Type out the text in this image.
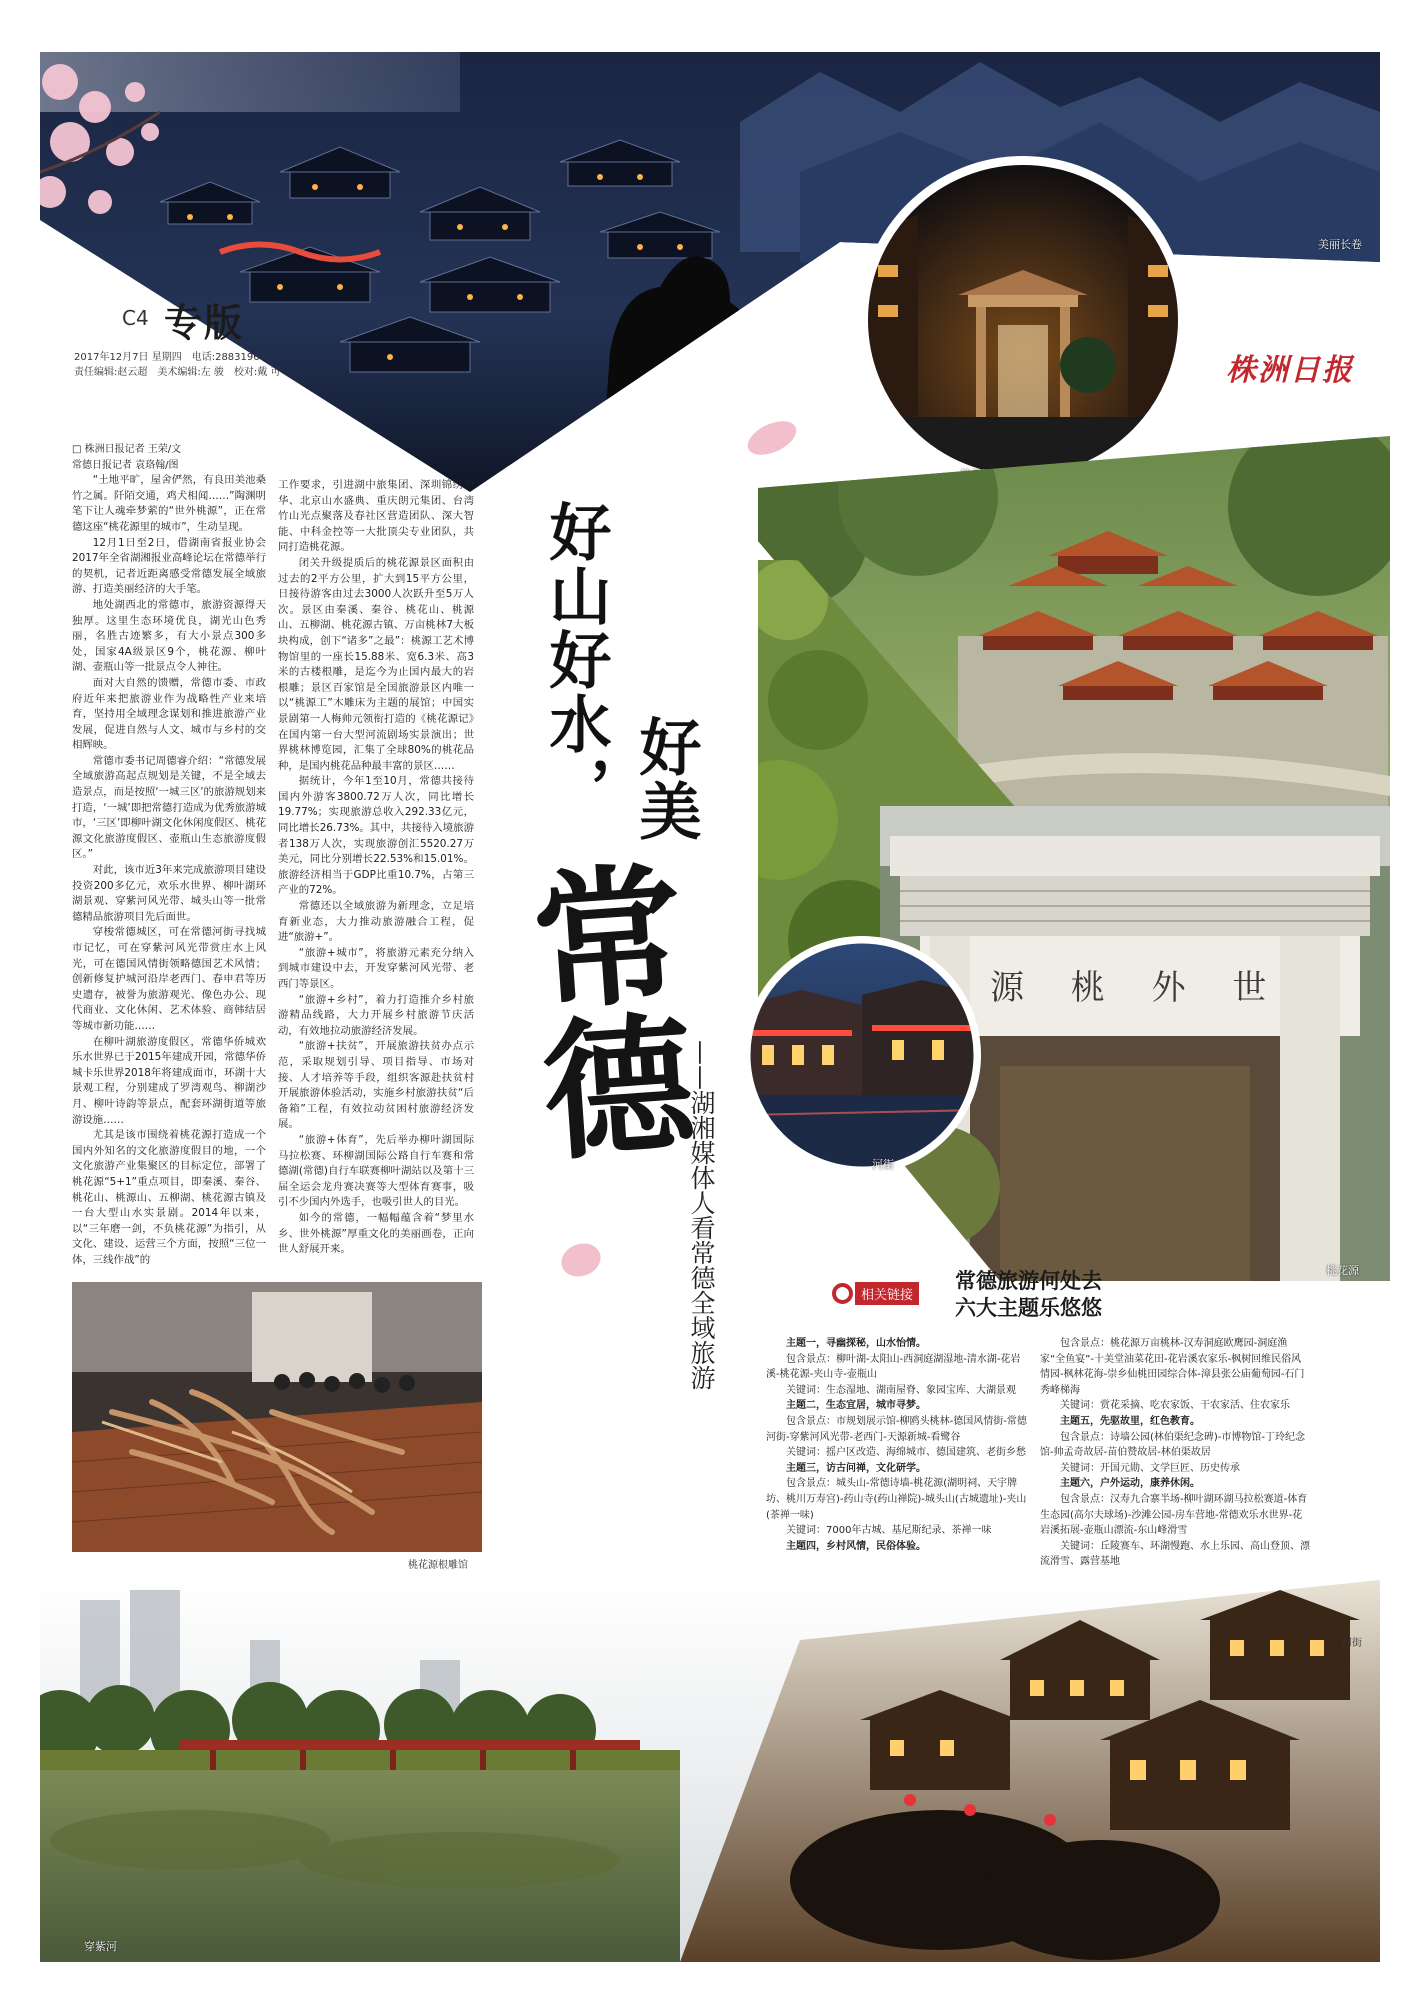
美丽长卷
株洲日报
C4 专版
2017年12月7日 星期四　电话:28831967
责任编辑:赵云超　美术编辑:左 骏　校对:戴 可
源 桃 外 世
桃花源
河街
好山好水， 好美
常德
——湖湘媒体人看常德全域旅游

□ 株洲日报记者 王荣/文

常德日报记者 袁珞翰/图

“土地平旷，屋舍俨然，有良田美池桑竹之属。阡陌交通，鸡犬相闻……”陶渊明笔下让人魂牵梦萦的“世外桃源”，正在常德这座“桃花源里的城市”，生动呈现。

12月1日至2日，借湖南省报业协会2017年全省湖湘报业高峰论坛在常德举行的契机，记者近距离感受常德发展全域旅游、打造美丽经济的大手笔。

地处湖西北的常德市，旅游资源得天独厚。这里生态环境优良，湖光山色秀丽，名胜古迹繁多，有大小景点300多处，国家4A级景区9个，桃花源、柳叶湖、壶瓶山等一批景点令人神往。

面对大自然的馈赠，常德市委、市政府近年来把旅游业作为战略性产业来培育，坚持用全域理念谋划和推进旅游产业发展，促进自然与人文、城市与乡村的交相辉映。

常德市委书记周德睿介绍：“常德发展全域旅游高起点规划是关键，不是全域去造景点，而是按照‘一城三区’的旅游规划来打造，‘一城’即把常德打造成为优秀旅游城市，‘三区’即柳叶湖文化休闲度假区、桃花源文化旅游度假区、壶瓶山生态旅游度假区。”

对此，该市近3年来完成旅游项目建设投资200多亿元，欢乐水世界、柳叶湖环湖景观、穿紫河风光带、城头山等一批常德精品旅游项目先后面世。

穿梭常德城区，可在常德河街寻找城市记忆，可在穿紫河风光带赏庄水上风光，可在德国风情街领略德国艺术风情；创新修复护城河沿岸老西门、春申君等历史遗存，被誉为旅游观光、像色办公、现代商业、文化休闲、艺术体验、商韩结居等城市新功能……

在柳叶湖旅游度假区，常德华侨城欢乐水世界已于2015年建成开园，常德华侨城卡乐世界2018年将建成面市，环湖十大景观工程，分别建成了罗湾观鸟、柳湖沙月、柳叶诗韵等景点，配套环湖街道等旅游设施……

尤其是该市围绕着桃花源打造成一个国内外知名的文化旅游度假目的地，一个文化旅游产业集聚区的目标定位，部署了桃花源“5+1”重点项目，即秦溪、秦谷、桃花山、桃源山、五柳湖、桃花源古镇及一台大型山水实景剧。2014年以来，以“三年磨一剑，不负桃花源”为指引，从文化、建设、运营三个方面，按照“三位一体，三线作战”的

工作要求，引进湖中旅集团、深圳锦绣中华、北京山水盛典、重庆朗元集团、台湾竹山光点聚落及春社区营造团队、深大智能、中科金控等一大批顶尖专业团队，共同打造桃花源。

闭关升级提质后的桃花源景区面积由过去的2平方公里，扩大到15平方公里，日接待游客由过去3000人次跃升至5万人次。景区由秦溪、秦谷、桃花山、桃源山、五柳湖、桃花源古镇、万亩桃林7大板块构成，创下“诸多”之最”：桃源工艺术博物馆里的一座长15.88米、宽6.3米、高3米的古楼根雕，是迄今为止国内最大的岩根雕；景区百家馆是全国旅游景区内唯一以“桃源工”木雕床为主题的展馆；中国实景剧第一人梅帅元领衔打造的《桃花源记》在国内第一台大型河流剧场实景演出；世界桃林博览园，汇集了全球80%的桃花品种，是国内桃花品种最丰富的景区……

据统计，今年1至10月，常德共接待国内外游客3800.72万人次，同比增长19.77%；实现旅游总收入292.33亿元，同比增长26.73%。其中，共接待入境旅游者138万人次，实现旅游创汇5520.27万美元，同比分别增长22.53%和15.01%。旅游经济相当于GDP比重10.7%，占第三产业的72%。

常德还以全域旅游为新理念，立足培育新业态，大力推动旅游融合工程，促进“旅游+”。

“旅游+城市”，将旅游元素充分纳入到城市建设中去，开发穿紫河风光带、老西门等景区。

“旅游+乡村”，着力打造推介乡村旅游精品线路，大力开展乡村旅游节庆活动，有效地拉动旅游经济发展。

“旅游+扶贫”，开展旅游扶贫办点示范，采取规划引导、项目指导、市场对接、人才培养等手段，组织客源赴扶贫村开展旅游体验活动，实施乡村旅游扶贫“后备箱”工程，有效拉动贫困村旅游经济发展。

“旅游+体育”，先后举办柳叶湖国际马拉松赛、环柳湖国际公路自行车赛和常德湖(常德)自行车联赛柳叶湖站以及第十三届全运会龙舟赛决赛等大型体育赛事，吸引不少国内外选手，也吸引世人的目光。

如今的常德，一幅幅蕴含着“梦里水乡、世外桃源”厚重文化的美丽画卷，正向世人舒展开来。

桃花源根雕馆
相关链接
常德旅游何处去
六大主题乐悠悠

主题一，寻幽探秘，山水怡情。

包含景点：柳叶湖-太阳山-西洞庭湖湿地-清水湖-花岩溪-桃花源-夹山寺-壶瓶山

关键词：生态湿地、湖南屋脊、象园宝库、大湖景观

主题二，生态宜居，城市寻梦。

包含景点：市规划展示馆-柳鸥头桃林-德国风情街-常德河街-穿紫河风光带-老西门-天源新城-看鹭谷

关键词：摇户区改造、海绵城市、德国建筑、老街乡愁

主题三，访古问禅，文化研学。

包含景点：城头山-常德诗墙-桃花源(湖明祠、天宇牌坊、桃川万寿宫)-药山寺(药山禅院)-城头山(古城遗址)-夹山(茶禅一味)

关键词：7000年古城、基尼斯纪录、茶禅一味

主题四，乡村风情，民俗体验。

包含景点：桃花源万亩桃林-汉寿洞庭欧鹰园-洞庭渔家“全鱼宴”-十美堂油菜花田-花岩溪农家乐-枫树回维民俗风情园-枫林花海-崇乡仙桃田园综合体-漳县张公庙葡萄园-石门秀峰梯海

关键词：赏花采摘、吃农家饭、干农家活、住农家乐

主题五，先驱故里，红色教育。

包含景点：诗墙公园(林伯渠纪念碑)-市博物馆-丁玲纪念馆-帅孟奇故居-苗伯赞故居-林伯渠故居

关键词：开国元勋、文学巨匠、历史传承

主题六，户外运动，康养休闲。

包含景点：汉寿九合寨半场-柳叶湖环湖马拉松赛道-体育生态园(高尔夫球场)-沙滩公园-房车营地-常德欢乐水世界-花岩溪拓展-壶瓶山漂流-东山峰滑雪

关键词：丘陵赛车、环湖慢跑、水上乐园、高山登顶、漂流滑雪、露营基地

穿紫河
河街
